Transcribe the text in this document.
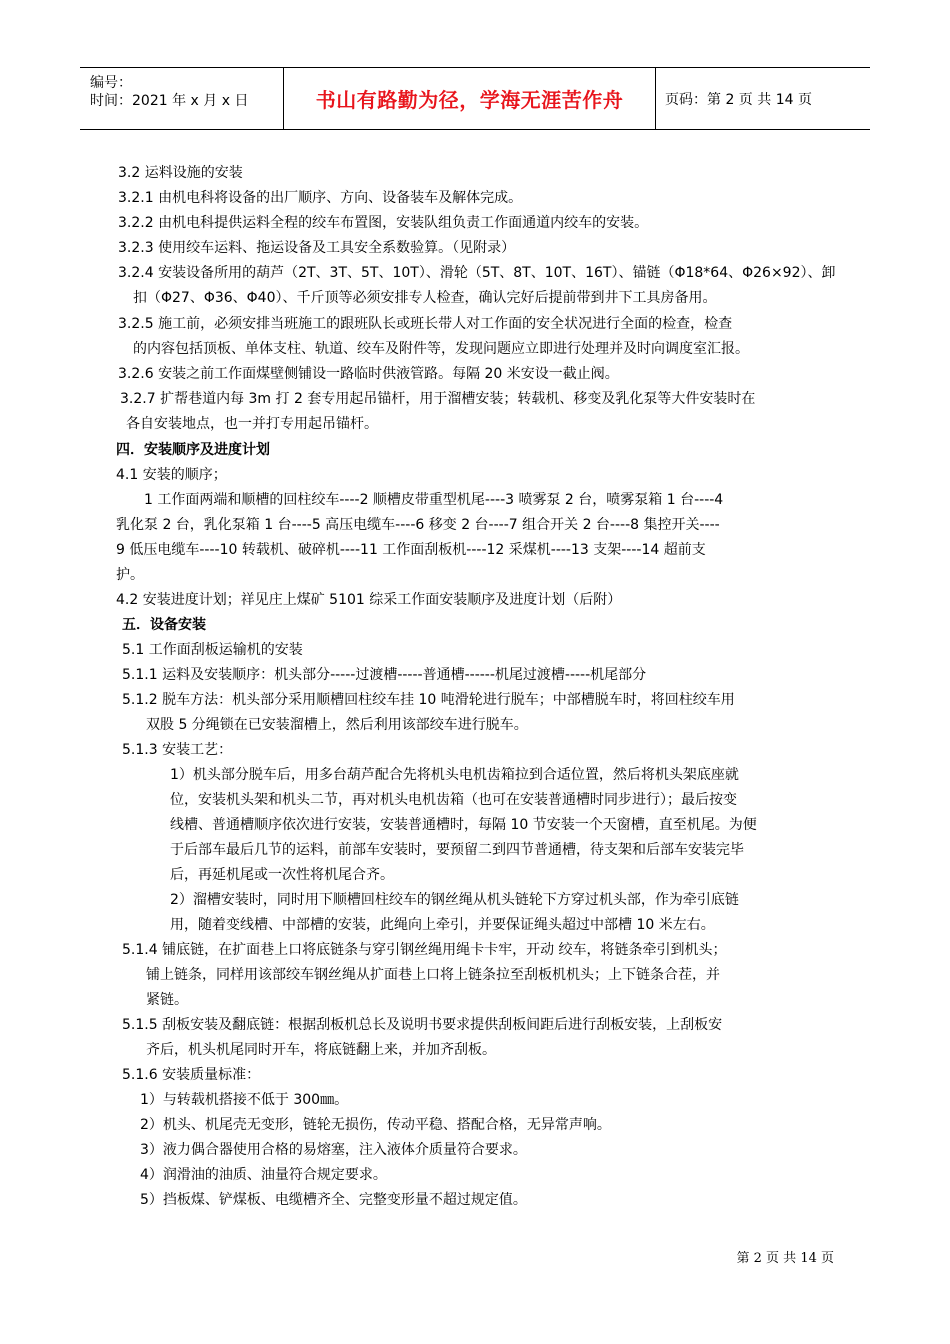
编号：
时间：2021 年 x 月 x 日	书山有路勤为径，学海无涯苦作舟	页码：第 2 页 共 14 页
3.2 运料设施的安装
3.2.1 由机电科将设备的出厂顺序、方向、设备装车及解体完成。
3.2.2 由机电科提供运料全程的绞车布置图，安装队组负责工作面通道内绞车的安装。
3.2.3 使用绞车运料、拖运设备及工具安全系数验算。（见附录）
3.2.4 安装设备所用的葫芦（2T、3T、5T、10T）、滑轮（5T、8T、10T、16T）、锚链（Φ18*64、Φ26×92）、卸
扣（Φ27、Φ36、Φ40）、千斤顶等必须安排专人检查，确认完好后提前带到井下工具房备用。
3.2.5 施工前，必须安排当班施工的跟班队长或班长带人对工作面的安全状况进行全面的检查，检查
的内容包括顶板、单体支柱、轨道、绞车及附件等，发现问题应立即进行处理并及时向调度室汇报。
3.2.6 安装之前工作面煤壁侧铺设一路临时供液管路。每隔 20 米安设一截止阀。
3.2.7 扩帮巷道内每 3m 打 2 套专用起吊锚杆，用于溜槽安装；转载机、移变及乳化泵等大件安装时在
各自安装地点，也一并打专用起吊锚杆。
四．安装顺序及进度计划
4.1 安装的顺序；
1 工作面两端和顺槽的回柱绞车----2 顺槽皮带重型机尾----3 喷雾泵 2 台，喷雾泵箱 1 台----4
乳化泵 2 台，乳化泵箱 1 台----5 高压电缆车----6 移变 2 台----7 组合开关 2 台----8 集控开关----
9 低压电缆车----10 转载机、破碎机----11 工作面刮板机----12 采煤机----13 支架----14 超前支
护。
4.2 安装进度计划；祥见庄上煤矿 5101 综采工作面安装顺序及进度计划（后附）
五．设备安装
5.1 工作面刮板运输机的安装
5.1.1 运料及安装顺序：机头部分-----过渡槽-----普通槽------机尾过渡槽-----机尾部分
5.1.2 脱车方法：机头部分采用顺槽回柱绞车挂 10 吨滑轮进行脱车；中部槽脱车时，将回柱绞车用
双股 5 分绳锁在已安装溜槽上，然后利用该部绞车进行脱车。
5.1.3 安装工艺：
1）机头部分脱车后，用多台葫芦配合先将机头电机齿箱拉到合适位置，然后将机头架底座就
位，安装机头架和机头二节，再对机头电机齿箱（也可在安装普通槽时同步进行）；最后按变
线槽、普通槽顺序依次进行安装，安装普通槽时，每隔 10 节安装一个天窗槽，直至机尾。为便
于后部车最后几节的运料，前部车安装时，要预留二到四节普通槽，待支架和后部车安装完毕
后，再延机尾或一次性将机尾合齐。
2）溜槽安装时，同时用下顺槽回柱绞车的钢丝绳从机头链轮下方穿过机头部，作为牵引底链
用，随着变线槽、中部槽的安装，此绳向上牵引，并要保证绳头超过中部槽 10 米左右。
5.1.4 铺底链，在扩面巷上口将底链条与穿引钢丝绳用绳卡卡牢，开动 绞车，将链条牵引到机头；
铺上链条，同样用该部绞车钢丝绳从扩面巷上口将上链条拉至刮板机机头；上下链条合茬，并
紧链。
5.1.5 刮板安装及翻底链：根据刮板机总长及说明书要求提供刮板间距后进行刮板安装，上刮板安
齐后，机头机尾同时开车，将底链翻上来，并加齐刮板。
5.1.6 安装质量标准：
1）与转载机搭接不低于 300㎜。
2）机头、机尾壳无变形，链轮无损伤，传动平稳、搭配合格，无异常声响。
3）液力偶合器使用合格的易熔塞，注入液体介质量符合要求。
4）润滑油的油质、油量符合规定要求。
5）挡板煤、铲煤板、电缆槽齐全、完整变形量不超过规定值。
第 2 页 共 14 页
